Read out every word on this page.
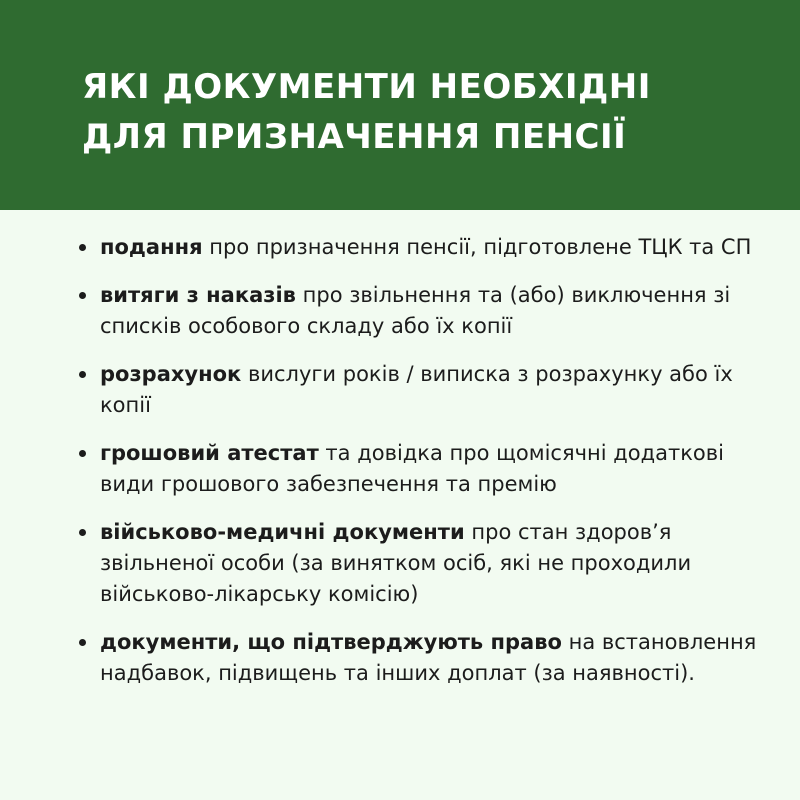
ЯКІ ДОКУМЕНТИ НЕОБХІДНІ
ДЛЯ ПРИЗНАЧЕННЯ ПЕНСІЇ
подання про призначення пенсії, підготовлене ТЦК та СП
витяги з наказів про звільнення та (або) виключення зі списків особового складу або їх копії
розрахунок вислуги років / виписка з розрахунку або їх копії
грошовий атестат та довідка про щомісячні додаткові види грошового забезпечення та премію
військово-медичні документи про стан здоров’я звільненої особи (за винятком осіб, які не проходили військово-лікарську комісію)
документи, що підтверджують право на встановлення надбавок, підвищень та інших доплат (за наявності).
